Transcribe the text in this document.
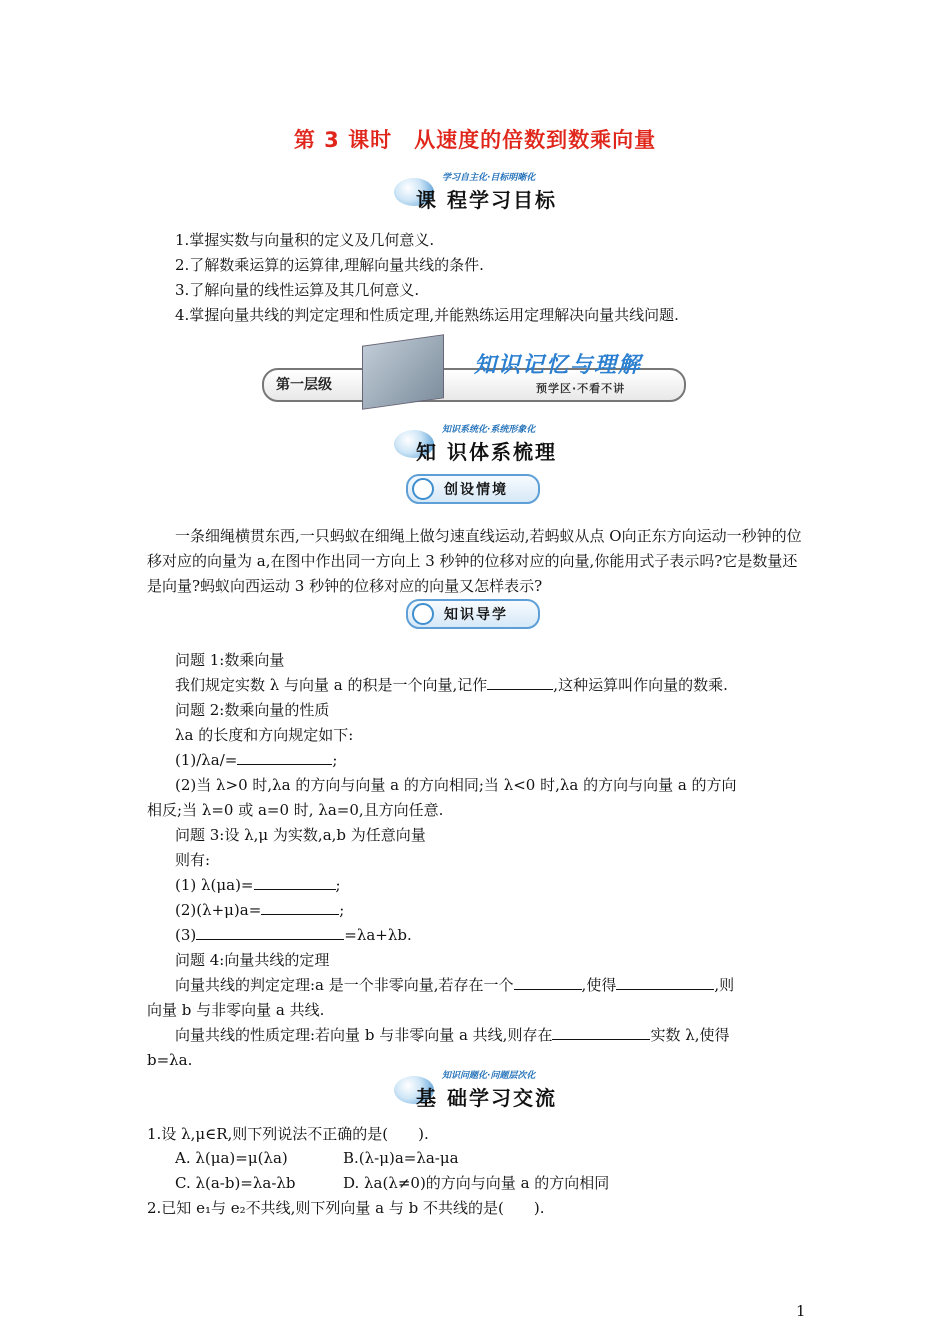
第 3 课时　从速度的倍数到数乘向量
学习自主化·目标明晰化
课 程学习目标
1.掌握实数与向量积的定义及几何意义.
2.了解数乘运算的运算律,理解向量共线的条件.
3.了解向量的线性运算及其几何意义.
4.掌握向量共线的判定定理和性质定理,并能熟练运用定理解决向量共线问题.
第一层级
知识记忆与理解
预学区·不看不讲
知识系统化·系统形象化
知 识体系梳理
创设情境
一条细绳横贯东西,一只蚂蚁在细绳上做匀速直线运动,若蚂蚁从点 O向正东方向运动一秒钟的位移对应的向量为 a,在图中作出同一方向上 3 秒钟的位移对应的向量,你能用式子表示吗?它是数量还是向量?蚂蚁向西运动 3 秒钟的位移对应的向量又怎样表示?
知识导学
问题 1:数乘向量
我们规定实数 λ 与向量 a 的积是一个向量,记作	,这种运算叫作向量的数乘.
问题 2:数乘向量的性质
λa 的长度和方向规定如下:
(1)/λa/=	;
(2)当 λ>0 时,λa 的方向与向量 a 的方向相同;当 λ<0 时,λa 的方向与向量 a 的方向
相反;当 λ=0 或 a=0 时, λa=0,且方向任意.
问题 3:设 λ,μ 为实数,a,b 为任意向量
则有:
(1) λ(μa)=	;
(2)(λ+μ)a=	;
(3)	=λa+λb.
问题 4:向量共线的定理
向量共线的判定定理:a 是一个非零向量,若存在一个	,使得	,则
向量 b 与非零向量 a 共线.
向量共线的性质定理:若向量 b 与非零向量 a 共线,则存在	实数 λ,使得
b=λa.
知识问题化·问题层次化
基 础学习交流
1.设 λ,μ∈R,则下列说法不正确的是(　　).
A. λ(μa)=μ(λa)	B.(λ-μ)a=λa-μa
C. λ(a-b)=λa-λb	D. λa(λ≠0)的方向与向量 a 的方向相同
2.已知 e₁与 e₂不共线,则下列向量 a 与 b 不共线的是(　　).
1
